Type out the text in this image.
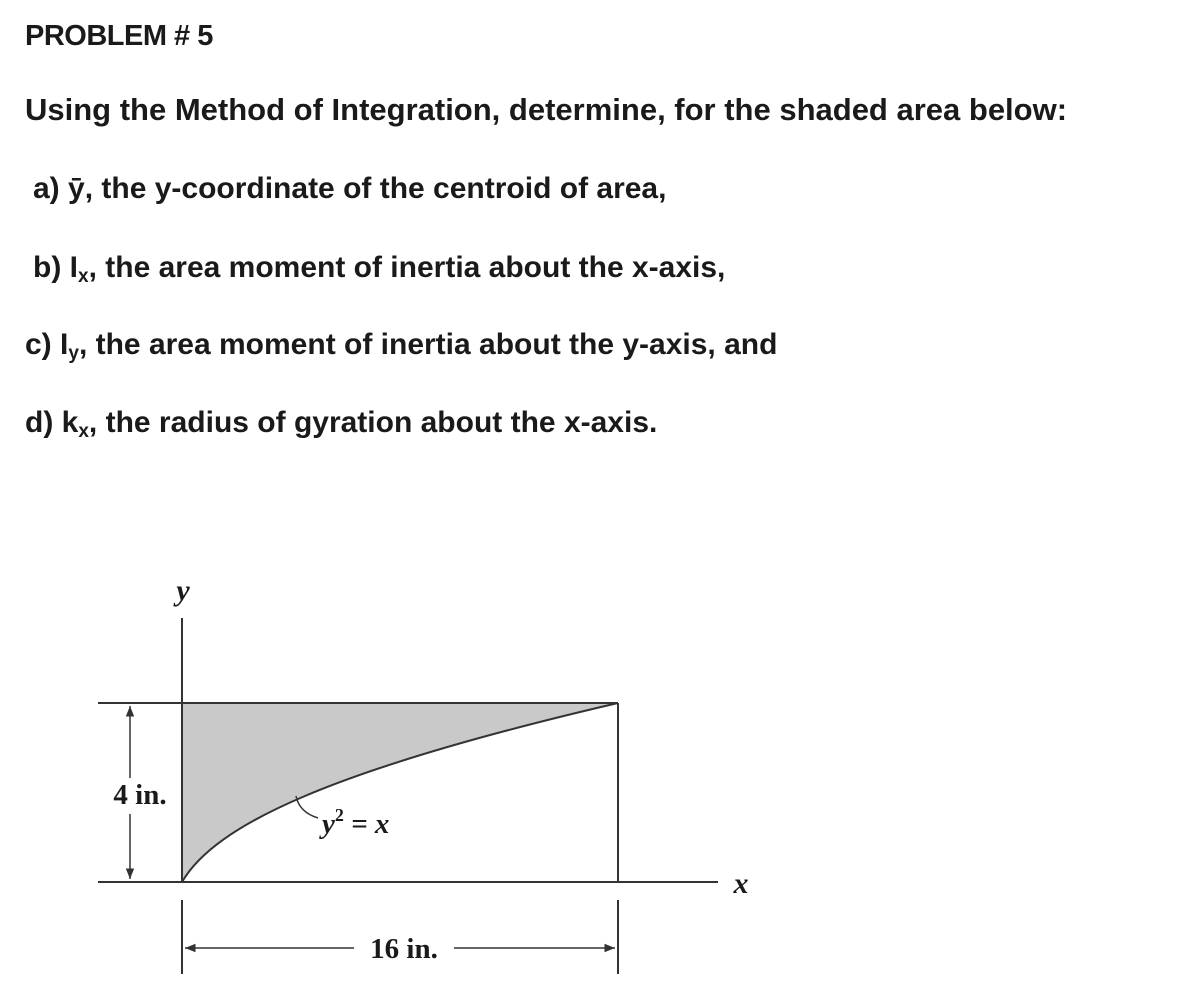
PROBLEM # 5
Using the Method of Integration, determine, for the shaded area below:
a) ȳ, the y-coordinate of the centroid of area,
b) $I_x$, the area moment of inertia about the x-axis,
c) $I_y$, the area moment of inertia about the y-axis, and
d) $k_x$, the radius of gyration about the x-axis.
y
x
4 in.
16 in.
$y^2 = x$
